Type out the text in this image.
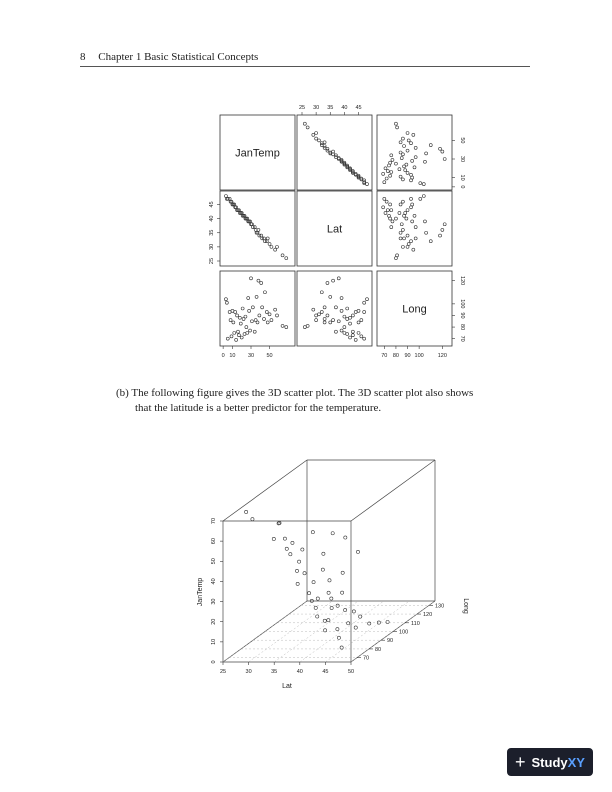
8 Chapter 1 Basic Statistical Concepts
JanTemp
Lat
Long
25 30 35 40 45
0
10
30
50
25
30
35
40
45
70
80
90
100
120
0 10 30 50	70 80 90 100	120
25	30	35	40	45	50
70
80
90
100
110
120
130
0
10
20
30
40
50
60
70
Lat
Long
JanTemp
(b) The following figure gives the 3D scatter plot. The 3D scatter plot also shows
that the latitude is a better predictor for the temperature.
+ StudyXY
